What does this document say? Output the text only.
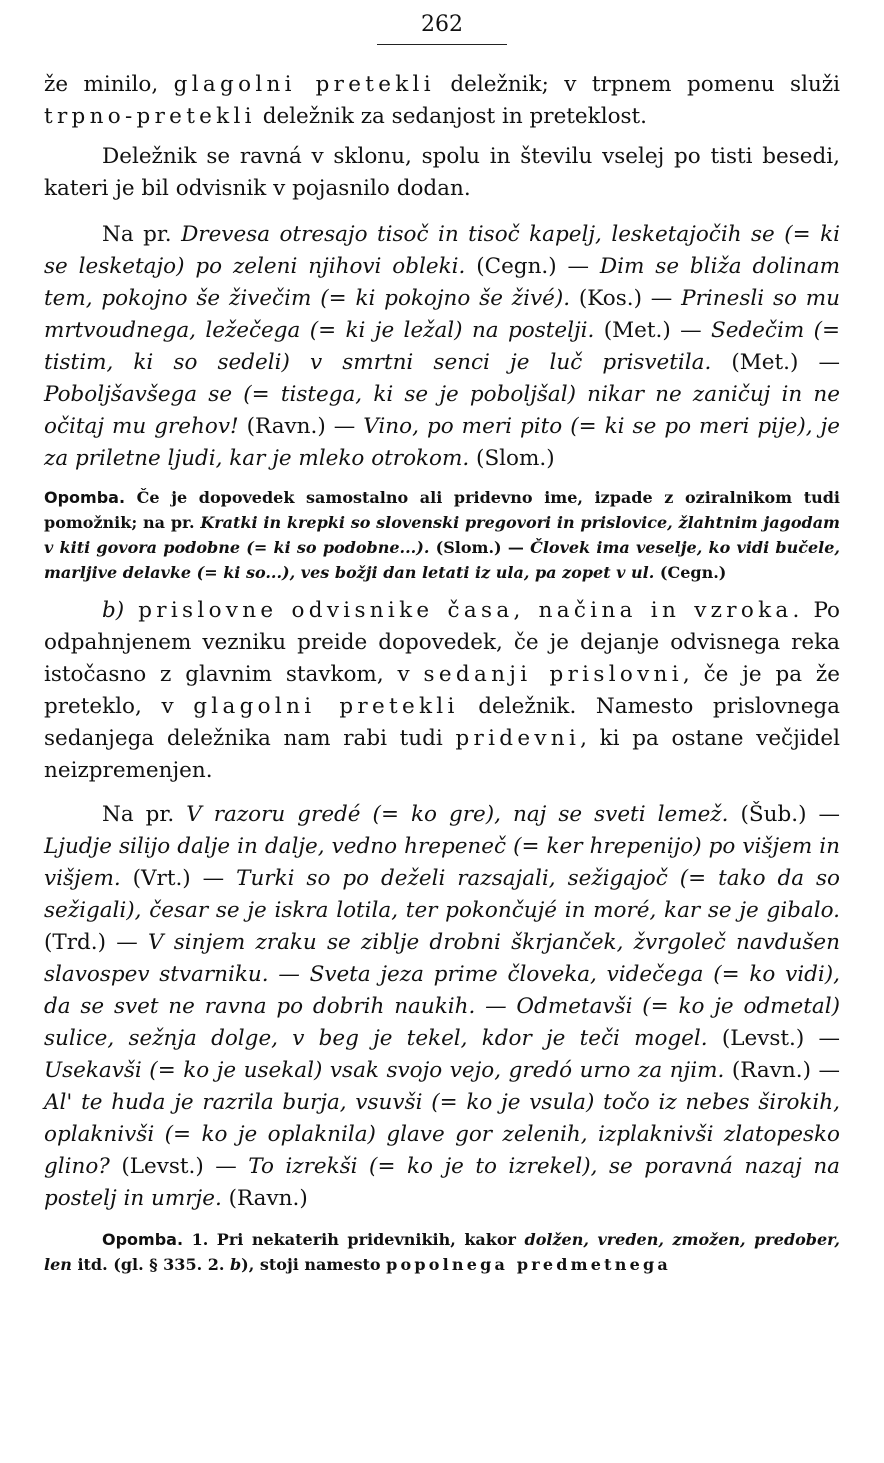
262

že minilo, glagolni pretekli deležnik; v trpnem pomenu služi trpno-pretekli deležnik za sedanjost in preteklost.

Deležnik se ravná v sklonu, spolu in številu vselej po tisti besedi, kateri je bil odvisnik v pojasnilo dodan.

Na pr. Drevesa otresajo tisoč in tisoč kapelj, lesketajočih se (= ki se lesketajo) po zeleni njihovi obleki. (Cegn.) — Dim se bliža dolinam tem, pokojno še živečim (= ki pokojno še živé). (Kos.) — Prinesli so mu mrtvoudnega, ležečega (= ki je ležal) na postelji. (Met.) — Sedečim (= tistim, ki so sedeli) v smrtni senci je luč prisvetila. (Met.) — Poboljšavšega se (= tistega, ki se je poboljšal) nikar ne zaničuj in ne očitaj mu grehov! (Ravn.) — Vino, po meri pito (= ki se po meri pije), je za priletne ljudi, kar je mleko otrokom. (Slom.)

Opomba. Če je dopovedek samostalno ali pridevno ime, izpade z oziralnikom tudi pomožnik; na pr. Kratki in krepki so slovenski pregovori in prislovice, žlahtnim jagodam v kiti govora podobne (= ki so podobne...). (Slom.) — Človek ima veselje, ko vidi bučele, marljive delavke (= ki so...), ves božji dan letati iz ula, pa zopet v ul. (Cegn.)

b) prislovne odvisnike časa, načina in vzroka. Po odpahnjenem vezniku preide dopovedek, če je dejanje odvisnega reka istočasno z glavnim stavkom, v sedanji prislovni, če je pa že preteklo, v glagolni pretekli deležnik. Namesto prislovnega sedanjega deležnika nam rabi tudi pridevni, ki pa ostane večjidel neizpremenjen.

Na pr. V razoru gredé (= ko gre), naj se sveti lemež. (Šub.) — Ljudje silijo dalje in dalje, vedno hrepeneč (= ker hrepenijo) po višjem in višjem. (Vrt.) — Turki so po deželi razsajali, sežigajoč (= tako da so sežigali), česar se je iskra lotila, ter pokončujé in moré, kar se je gibalo. (Trd.) — V sinjem zraku se ziblje drobni škrjanček, žvrgoleč navdušen slavospev stvarniku. — Sveta jeza prime človeka, videčega (= ko vidi), da se svet ne ravna po dobrih naukih. — Odmetavši (= ko je odmetal) sulice, sežnja dolge, v beg je tekel, kdor je teči mogel. (Levst.) — Usekavši (= ko je usekal) vsak svojo vejo, gredó urno za njim. (Ravn.) — Al' te huda je razrila burja, vsuvši (= ko je vsula) točo iz nebes širokih, oplaknivši (= ko je oplaknila) glave gor zelenih, izplaknivši zlatopesko glino? (Levst.) — To izrekši (= ko je to izrekel), se poravná nazaj na postelj in umrje. (Ravn.)

Opomba. 1. Pri nekaterih pridevnikih, kakor dolžen, vreden, zmožen, predober, len itd. (gl. § 335. 2. b), stoji namesto popolnega predmetnega
